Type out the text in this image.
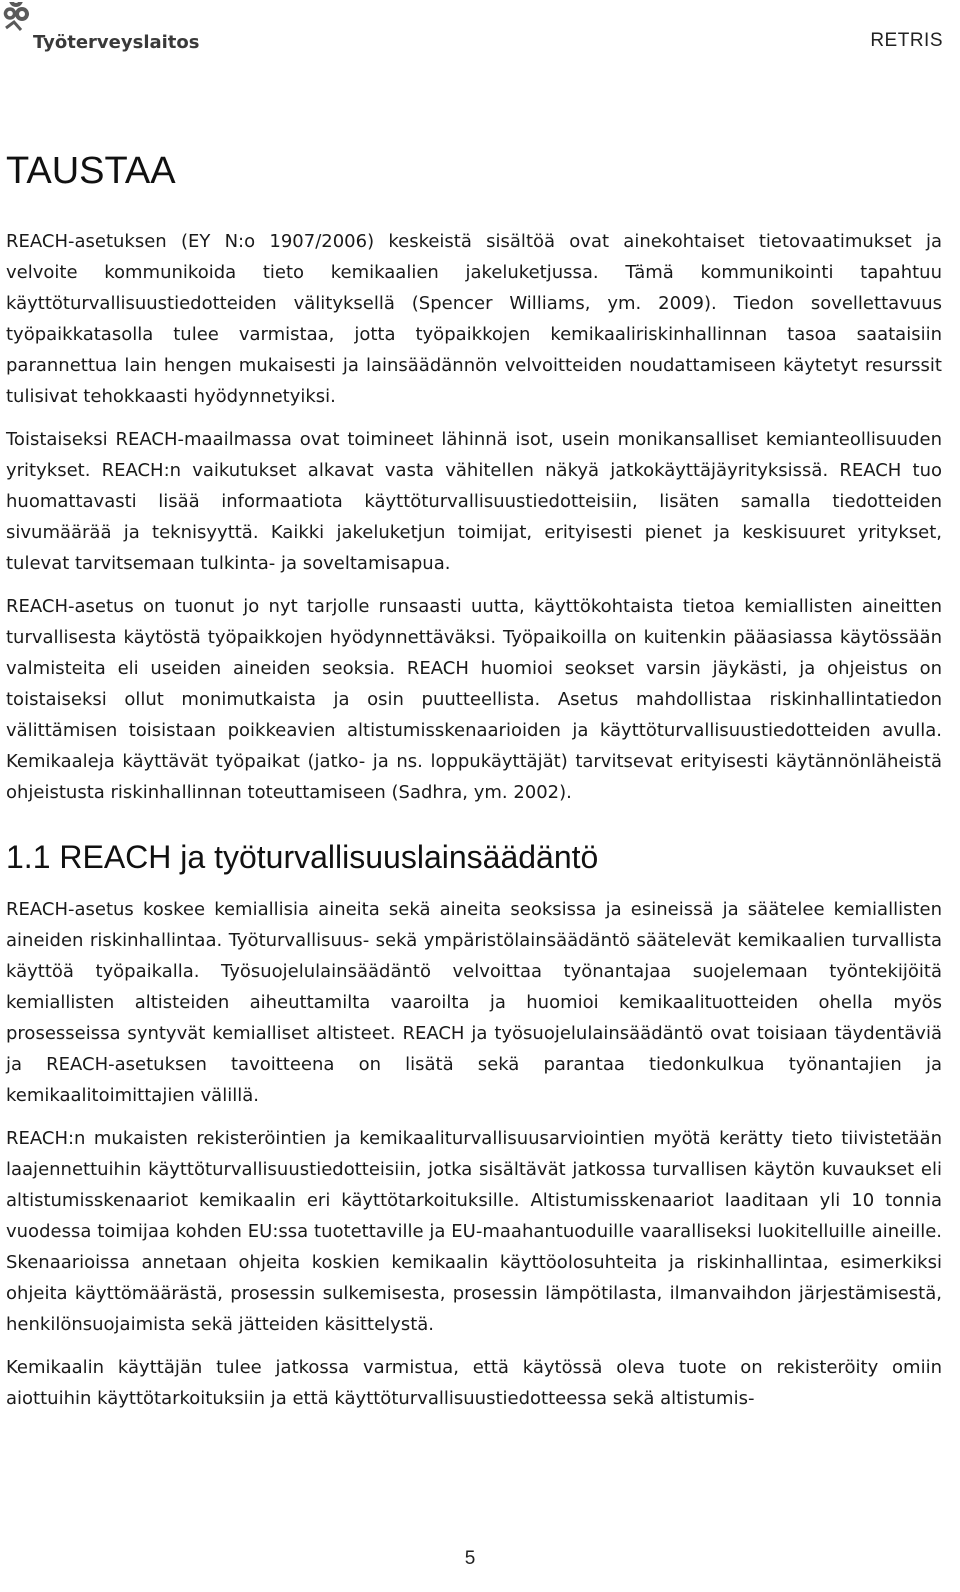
Työterveyslaitos	RETRIS
TAUSTAA

REACH-asetuksen (EY N:o 1907/2006) keskeistä sisältöä ovat ainekohtaiset tietovaatimukset ja velvoite kommunikoida tieto kemikaalien jakeluketjussa. Tämä kommunikointi tapahtuu käyttöturvallisuustiedotteiden välityksellä (Spencer Williams, ym. 2009). Tiedon sovellettavuus työpaikkatasolla tulee varmistaa, jotta työpaikkojen kemikaaliriskinhallinnan tasoa saataisiin parannettua lain hengen mukaisesti ja lainsäädännön velvoitteiden noudattamiseen käytetyt resurssit tulisivat tehokkaasti hyödynnetyiksi.

Toistaiseksi REACH-maailmassa ovat toimineet lähinnä isot, usein monikansalliset kemianteollisuuden yritykset. REACH:n vaikutukset alkavat vasta vähitellen näkyä jatkokäyttäjäyrityksissä. REACH tuo huomattavasti lisää informaatiota käyttöturvallisuustiedotteisiin, lisäten samalla tiedotteiden sivumäärää ja teknisyyttä. Kaikki jakeluketjun toimijat, erityisesti pienet ja keskisuuret yritykset, tulevat tarvitsemaan tulkinta- ja soveltamisapua.

REACH-asetus on tuonut jo nyt tarjolle runsaasti uutta, käyttökohtaista tietoa kemiallisten aineitten turvallisesta käytöstä työpaikkojen hyödynnettäväksi. Työpaikoilla on kuitenkin pääasiassa käytössään valmisteita eli useiden aineiden seoksia. REACH huomioi seokset varsin jäykästi, ja ohjeistus on toistaiseksi ollut monimutkaista ja osin puutteellista. Asetus mahdollistaa riskinhallintatiedon välittämisen toisistaan poikkeavien altistumisskenaarioiden ja käyttöturvallisuustiedotteiden avulla. Kemikaaleja käyttävät työpaikat (jatko- ja ns. loppukäyttäjät) tarvitsevat erityisesti käytännönläheistä ohjeistusta riskinhallinnan toteuttamiseen (Sadhra, ym. 2002).

1.1 REACH ja työturvallisuuslainsäädäntö

REACH-asetus koskee kemiallisia aineita sekä aineita seoksissa ja esineissä ja säätelee kemiallisten aineiden riskinhallintaa. Työturvallisuus- sekä ympäristölainsäädäntö säätelevät kemikaalien turvallista käyttöä työpaikalla. Työsuojelulainsäädäntö velvoittaa työnantajaa suojelemaan työntekijöitä kemiallisten altisteiden aiheuttamilta vaaroilta ja huomioi kemikaalituotteiden ohella myös prosesseissa syntyvät kemialliset altisteet. REACH ja työsuojelulainsäädäntö ovat toisiaan täydentäviä ja REACH-asetuksen tavoitteena on lisätä sekä parantaa tiedonkulkua työnantajien ja kemikaalitoimittajien välillä.

REACH:n mukaisten rekisteröintien ja kemikaaliturvallisuusarviointien myötä kerätty tieto tiivistetään laajennettuihin käyttöturvallisuustiedotteisiin, jotka sisältävät jatkossa turvallisen käytön kuvaukset eli altistumisskenaariot kemikaalin eri käyttötarkoituksille. Altistumisskenaariot laaditaan yli 10 tonnia vuodessa toimijaa kohden EU:ssa tuotettaville ja EU-maahantuoduille vaaralliseksi luokitelluille aineille. Skenaarioissa annetaan ohjeita koskien kemikaalin käyttöolosuhteita ja riskinhallintaa, esimerkiksi ohjeita käyttömäärästä, prosessin sulkemisesta, prosessin lämpötilasta, ilmanvaihdon järjestämisestä, henkilönsuojaimista sekä jätteiden käsittelystä.

Kemikaalin käyttäjän tulee jatkossa varmistua, että käytössä oleva tuote on rekisteröity omiin aiottuihin käyttötarkoituksiin ja että käyttöturvallisuustiedotteessa sekä altistumis-

5
